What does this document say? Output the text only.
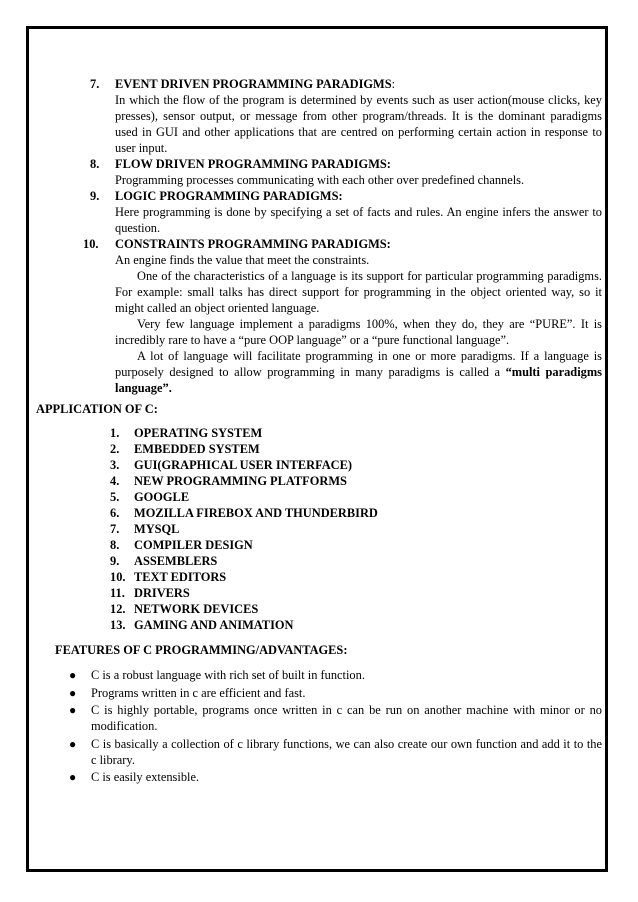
7. EVENT DRIVEN PROGRAMMING PARADIGMS:

In which the flow of the program is determined by events such as user action(mouse clicks, key presses), sensor output, or message from other program/threads. It is the dominant paradigms used in GUI and other applications that are centred on performing certain action in response to user input.

8. FLOW DRIVEN PROGRAMMING PARADIGMS:

Programming processes communicating with each other over predefined channels.

9. LOGIC PROGRAMMING PARADIGMS:

Here programming is done by specifying a set of facts and rules. An engine infers the answer to question.

10. CONSTRAINTS PROGRAMMING PARADIGMS:

An engine finds the value that meet the constraints.

One of the characteristics of a language is its support for particular programming paradigms. For example: small talks has direct support for programming in the object oriented way, so it might called an object oriented language.

Very few language implement a paradigms 100%, when they do, they are “PURE”. It is incredibly rare to have a “pure OOP language” or a “pure functional language”.

A lot of language will facilitate programming in one or more paradigms. If a language is purposely designed to allow programming in many paradigms is called a “multi paradigms language”.

APPLICATION OF C:
1. OPERATING SYSTEM
2. EMBEDDED SYSTEM
3. GUI(GRAPHICAL USER INTERFACE)
4. NEW PROGRAMMING PLATFORMS
5. GOOGLE
6. MOZILLA FIREBOX AND THUNDERBIRD
7. MYSQL
8. COMPILER DESIGN
9. ASSEMBLERS
10. TEXT EDITORS
11. DRIVERS
12. NETWORK DEVICES
13. GAMING AND ANIMATION
FEATURES OF C PROGRAMMING/ADVANTAGES:
● C is a robust language with rich set of built in function.
● Programs written in c are efficient and fast.
● C is highly portable, programs once written in c can be run on another machine with minor or no modification.
● C is basically a collection of c library functions, we can also create our own function and add it to the c library.
● C is easily extensible.
